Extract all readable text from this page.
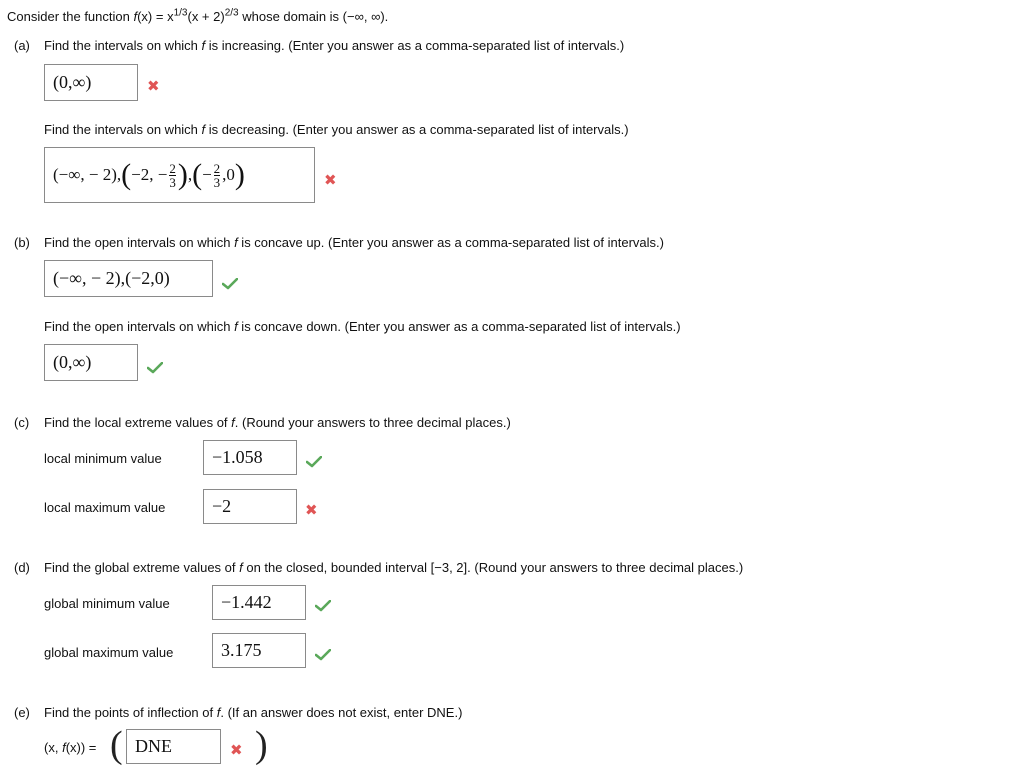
Consider the function $f(x) = x^{1/3}(x + 2)^{2/3}$ whose domain is (−∞, ∞).
(a) Find the intervals on which f is increasing. (Enter you answer as a comma-separated list of intervals.)
(0,∞)	✖
Find the intervals on which f is decreasing. (Enter you answer as a comma-separated list of intervals.)
(−∞, − 2), ( −2, − $\frac{2}{3}$ ) , ( − $\frac{2}{3} ,0$ )	✖
(b) Find the open intervals on which f is concave up. (Enter you answer as a comma-separated list of intervals.)
(−∞, − 2),(−2,0)
Find the open intervals on which f is concave down. (Enter you answer as a comma-separated list of intervals.)
(0,∞)
(c) Find the local extreme values of f. (Round your answers to three decimal places.)
local minimum value	−1.058
local maximum value	−2	✖
(d) Find the global extreme values of f on the closed, bounded interval [−3, 2]. (Round your answers to three decimal places.)
global minimum value	−1.442
global maximum value	3.175
(e) Find the points of inflection of f. (If an answer does not exist, enter DNE.)
(x, f(x)) = ( DNE	✖ )
